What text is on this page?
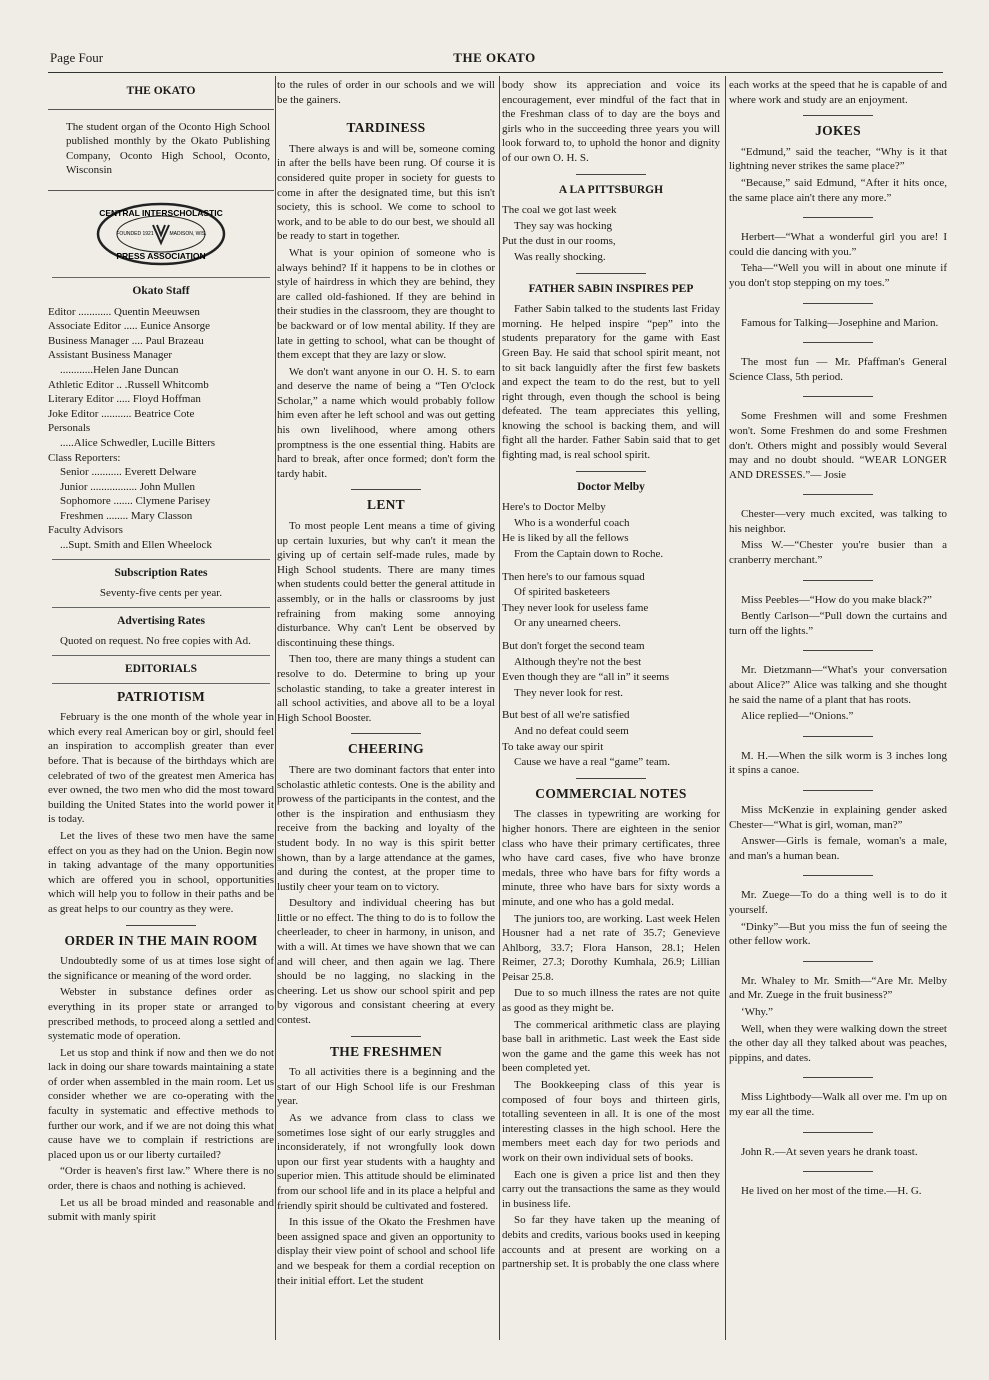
Page Four	THE OKATO
THE OKATO

The student organ of the Oconto High School published monthly by the Okato Publishing Company, Oconto High School, Oconto, Wisconsin

CENTRAL INTERSCHOLASTIC
PRESS ASSOCIATION
FOUNDED 1921	MADISON, WIS.
Okato Staff
Editor ............ Quentin Meeuwsen
Associate Editor ..... Eunice Ansorge
Business Manager .... Paul Brazeau
Assistant Business Manager
............Helen Jane Duncan
Athletic Editor .. .Russell Whitcomb
Literary Editor ..... Floyd Hoffman
Joke Editor ........... Beatrice Cote
Personals
.....Alice Schwedler, Lucille Bitters
Class Reporters:
Senior ........... Everett Delware
Junior ................. John Mullen
Sophomore ....... Clymene Parisey
Freshmen ........ Mary Classon
Faculty Advisors
...Supt. Smith and Ellen Wheelock
Subscription Rates

Seventy-five cents per year.

Advertising Rates

Quoted on request. No free copies with Ad.

EDITORIALS
PATRIOTISM

February is the one month of the whole year in which every real American boy or girl, should feel an inspiration to accomplish greater than ever before. That is because of the birthdays which are celebrated of two of the greatest men America has ever owned, the two men who did the most toward building the United States into the world power it is today.

Let the lives of these two men have the same effect on you as they had on the Union. Begin now in taking advantage of the many opportunities which are offered you in school, opportunities which will help you to follow in their paths and be as great helps to our country as they were.

ORDER IN THE MAIN ROOM

Undoubtedly some of us at times lose sight of the significance or meaning of the word order.

Webster in substance defines order as everything in its proper state or arranged to prescribed methods, to proceed along a settled and systematic mode of operation.

Let us stop and think if now and then we do not lack in doing our share towards maintaining a state of order when assembled in the main room. Let us consider whether we are co-operating with the faculty in systematic and effective methods to further our work, and if we are not doing this what cause have we to complain if restrictions are placed upon us or our liberty curtailed?

“Order is heaven's first law.” Where there is no order, there is chaos and nothing is achieved.

Let us all be broad minded and reasonable and submit with manly spirit

to the rules of order in our schools and we will be the gainers.

TARDINESS

There always is and will be, someone coming in after the bells have been rung. Of course it is considered quite proper in society for guests to come in after the designated time, but this isn't society, this is school. We come to school to work, and to be able to do our best, we should all be ready to start in together.

What is your opinion of someone who is always behind? If it happens to be in clothes or style of hairdress in which they are behind, they are called old-fashioned. If they are behind in their studies in the classroom, they are thought to be backward or of low mental ability. If they are late in getting to school, what can be thought of them except that they are lazy or slow.

We don't want anyone in our O. H. S. to earn and deserve the name of being a “Ten O'clock Scholar,” a name which would probably follow him even after he left school and was out getting his own livelihood, where among others promptness is the one essential thing. Habits are hard to break, after once formed; don't form the tardy habit.

LENT

To most people Lent means a time of giving up certain luxuries, but why can't it mean the giving up of certain self-made rules, made by High School students. There are many times when students could better the general attitude in assembly, or in the halls or classrooms by just refraining from making some annoying disturbance. Why can't Lent be observed by discontinuing these things.

Then too, there are many things a student can resolve to do. Determine to bring up your scholastic standing, to take a greater interest in all school activities, and above all to be a loyal High School Booster.

CHEERING

There are two dominant factors that enter into scholastic athletic contests. One is the ability and prowess of the participants in the contest, and the other is the inspiration and enthusiasm they receive from the backing and loyalty of the student body. In no way is this spirit better shown, than by a large attendance at the games, and during the contest, at the proper time to lustily cheer your team on to victory.

Desultory and individual cheering has but little or no effect. The thing to do is to follow the cheerleader, to cheer in harmony, in unison, and with a will. At times we have shown that we can and will cheer, and then again we lag. There should be no lagging, no slacking in the cheering. Let us show our school spirit and pep by vigorous and consistant cheering at every contest.

THE FRESHMEN

To all activities there is a beginning and the start of our High School life is our Freshman year.

As we advance from class to class we sometimes lose sight of our early struggles and inconsiderately, if not wrongfully look down upon our first year students with a haughty and superior mien. This attitude should be eliminated from our school life and in its place a helpful and friendly spirit should be cultivated and fostered.

In this issue of the Okato the Freshmen have been assigned space and given an opportunity to display their view point of school and school life and we bespeak for them a cordial reception on their initial effort. Let the student

body show its appreciation and voice its encouragement, ever mindful of the fact that in the Freshman class of to day are the boys and girls who in the succeeding three years you will look forward to, to uphold the honor and dignity of our own O. H. S.

A LA PITTSBURGH
The coal we got last week
They say was hocking
Put the dust in our rooms,
Was really shocking.
FATHER SABIN INSPIRES PEP

Father Sabin talked to the students last Friday morning. He helped inspire “pep” into the students preparatory for the game with East Green Bay. He said that school spirit meant, not to sit back languidly after the first few baskets and expect the team to do the rest, but to yell right through, even though the school is being defeated. The team appreciates this yelling, knowing the school is backing them, and will fight all the harder. Father Sabin said that to get fighting mad, is real school spirit.

Doctor Melby
Here's to Doctor Melby
Who is a wonderful coach
He is liked by all the fellows
From the Captain down to Roche.
Then here's to our famous squad
Of spirited basketeers
They never look for useless fame
Or any unearned cheers.
But don't forget the second team
Although they're not the best
Even though they are “all in” it seems
They never look for rest.
But best of all we're satisfied
And no defeat could seem
To take away our spirit
Cause we have a real “game” team.
COMMERCIAL NOTES

The classes in typewriting are working for higher honors. There are eighteen in the senior class who have their primary certificates, three who have card cases, five who have bronze medals, three who have bars for fifty words a minute, three who have bars for sixty words a minute, and one who has a gold medal.

The juniors too, are working. Last week Helen Housner had a net rate of 35.7; Genevieve Ahlborg, 33.7; Flora Hanson, 28.1; Helen Reimer, 27.3; Dorothy Kumhala, 26.9; Lillian Peisar 25.8.

Due to so much illness the rates are not quite as good as they might be.

The commerical arithmetic class are playing base ball in arithmetic. Last week the East side won the game and the game this week has not been completed yet.

The Bookkeeping class of this year is composed of four boys and thirteen girls, totalling seventeen in all. It is one of the most interesting classes in the high school. Here the members meet each day for two periods and work on their own individual sets of books.

Each one is given a price list and then they carry out the transactions the same as they would in business life.

So far they have taken up the meaning of debits and credits, various books used in keeping accounts and at present are working on a partnership set. It is probably the one class where

each works at the speed that he is capable of and where work and study are an enjoyment.

JOKES

“Edmund,” said the teacher, “Why is it that lightning never strikes the same place?”

“Because,” said Edmund, “After it hits once, the same place ain't there any more.”

Herbert—“What a wonderful girl you are! I could die dancing with you.”

Teha—“Well you will in about one minute if you don't stop stepping on my toes.”

Famous for Talking—Josephine and Marion.

The most fun — Mr. Pfaffman's General Science Class, 5th period.

Some Freshmen will and some Freshmen won't. Some Freshmen do and some Freshmen don't. Others might and possibly would Several may and no doubt should. “WEAR LONGER AND DRESSES.”— Josie

Chester—very much excited, was talking to his neighbor.

Miss W.—“Chester you're busier than a cranberry merchant.”

Miss Peebles—“How do you make black?”

Bently Carlson—“Pull down the curtains and turn off the lights.”

Mr. Dietzmann—“What's your conversation about Alice?” Alice was talking and she thought he said the name of a plant that has roots.

Alice replied—“Onions.”

M. H.—When the silk worm is 3 inches long it spins a canoe.

Miss McKenzie in explaining gender asked Chester—“What is girl, woman, man?”

Answer—Girls is female, woman's a male, and man's a human bean.

Mr. Zuege—To do a thing well is to do it yourself.

“Dinky”—But you miss the fun of seeing the other fellow work.

Mr. Whaley to Mr. Smith—“Are Mr. Melby and Mr. Zuege in the fruit business?”

‘Why.”

Well, when they were walking down the street the other day all they talked about was peaches, pippins, and dates.

Miss Lightbody—Walk all over me. I'm up on my ear all the time.

John R.—At seven years he drank toast.

He lived on her most of the time.—H. G.
